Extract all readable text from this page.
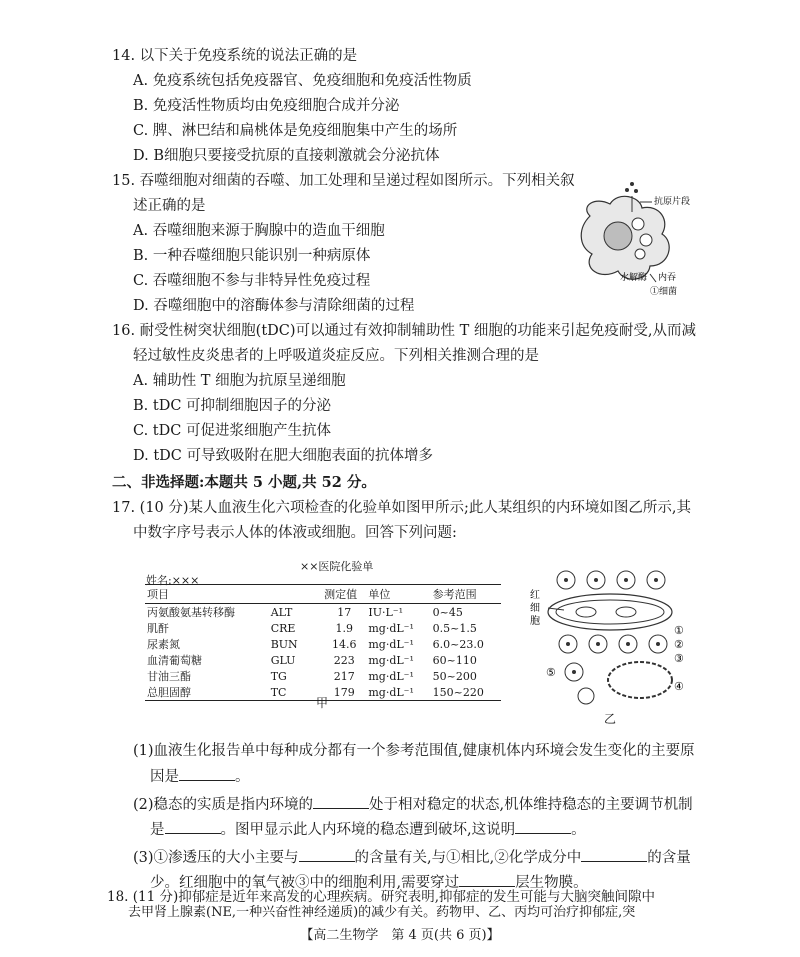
14. 以下关于免疫系统的说法正确的是
A. 免疫系统包括免疫器官、免疫细胞和免疫活性物质
B. 免疫活性物质均由免疫细胞合成并分泌
C. 脾、淋巴结和扁桃体是免疫细胞集中产生的场所
D. B细胞只要接受抗原的直接刺激就会分泌抗体
15. 吞噬细胞对细菌的吞噬、加工处理和呈递过程如图所示。下列相关叙
述正确的是
A. 吞噬细胞来源于胸腺中的造血干细胞
B. 一种吞噬细胞只能识别一种病原体
C. 吞噬细胞不参与非特异性免疫过程
D. 吞噬细胞中的溶酶体参与清除细菌的过程
抗原片段
水解酶 内吞
①细菌
16. 耐受性树突状细胞(tDC)可以通过有效抑制辅助性 T 细胞的功能来引起免疫耐受,从而减
轻过敏性皮炎患者的上呼吸道炎症反应。下列相关推测合理的是
A. 辅助性 T 细胞为抗原呈递细胞
B. tDC 可抑制细胞因子的分泌
C. tDC 可促进浆细胞产生抗体
D. tDC 可导致吸附在肥大细胞表面的抗体增多
二、非选择题:本题共 5 小题,共 52 分。
17. (10 分)某人血液生化六项检查的化验单如图甲所示;此人某组织的内环境如图乙所示,其
中数字序号表示人体的体液或细胞。回答下列问题:
××医院化验单
姓名:×××
项目		测定值	单位	参考范围
丙氨酸氨基转移酶	ALT	17	IU·L⁻¹	0~45
肌酐	CRE	1.9	mg·dL⁻¹	0.5~1.5
尿素氮	BUN	14.6	mg·dL⁻¹	6.0~23.0
血清葡萄糖	GLU	223	mg·dL⁻¹	60~110
甘油三酯	TG	217	mg·dL⁻¹	50~200
总胆固醇	TC	179	mg·dL⁻¹	150~220
甲
红
细
胞
①
②
③
④
⑤
乙
(1)血液生化报告单中每种成分都有一个参考范围值,健康机体内环境会发生变化的主要原
因是	。
(2)稳态的实质是指内环境的	处于相对稳定的状态,机体维持稳态的主要调节机制
是	。图甲显示此人内环境的稳态遭到破坏,这说明	。
(3)①渗透压的大小主要与	的含量有关,与①相比,②化学成分中	的含量
少。红细胞中的氧气被③中的细胞利用,需要穿过	层生物膜。
18. (11 分)抑郁症是近年来高发的心理疾病。研究表明,抑郁症的发生可能与大脑突触间隙中
去甲肾上腺素(NE,一种兴奋性神经递质)的减少有关。药物甲、乙、丙均可治疗抑郁症,突
【高二生物学　第 4 页(共 6 页)】
